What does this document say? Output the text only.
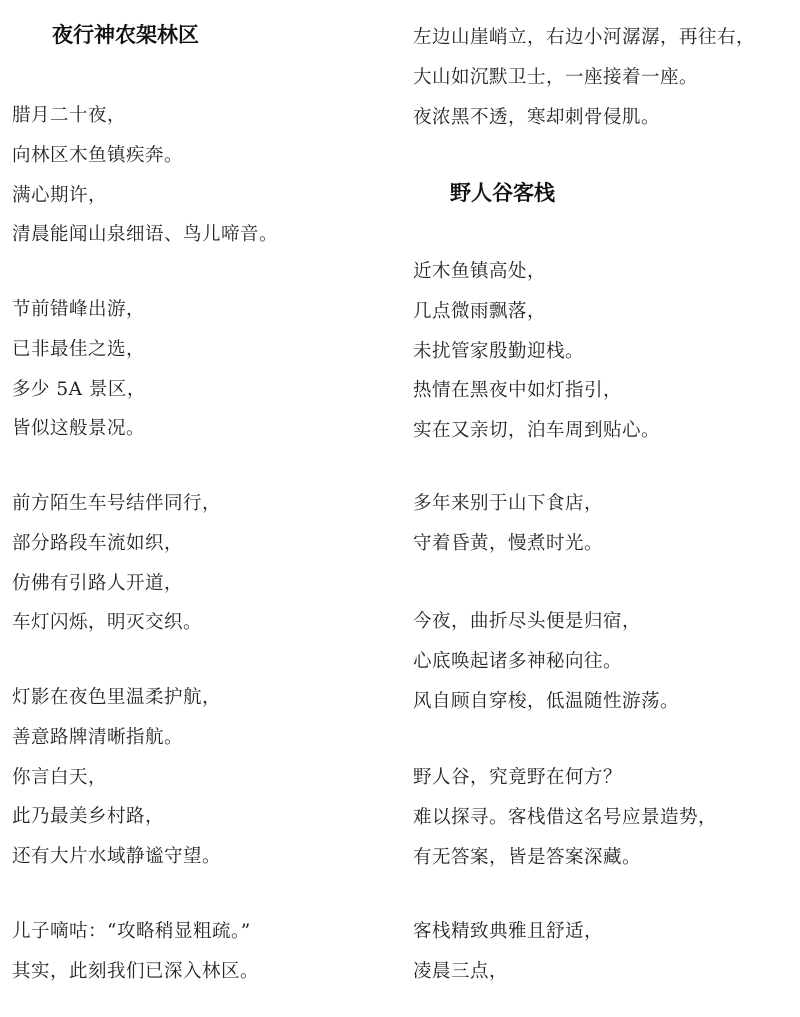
夜行神农架林区
腊月二十夜，
向林区木鱼镇疾奔。
满心期许，
清晨能闻山泉细语、鸟儿啼音。
节前错峰出游，
已非最佳之选，
多少 5A 景区，
皆似这般景况。
前方陌生车号结伴同行，
部分路段车流如织，
仿佛有引路人开道，
车灯闪烁，明灭交织。
灯影在夜色里温柔护航，
善意路牌清晰指航。
你言白天，
此乃最美乡村路，
还有大片水域静谧守望。
儿子嘀咕：“攻略稍显粗疏。”
其实，此刻我们已深入林区。
野人谷客栈
左边山崖峭立，右边小河潺潺，再往右，
大山如沉默卫士，一座接着一座。
夜浓黑不透，寒却刺骨侵肌。
近木鱼镇高处，
几点微雨飘落，
未扰管家殷勤迎栈。
热情在黑夜中如灯指引，
实在又亲切，泊车周到贴心。
多年来别于山下食店，
守着昏黄，慢煮时光。
今夜，曲折尽头便是归宿，
心底唤起诸多神秘向往。
风自顾自穿梭，低温随性游荡。
野人谷，究竟野在何方？
难以探寻。客栈借这名号应景造势，
有无答案，皆是答案深藏。
客栈精致典雅且舒适，
凌晨三点，
